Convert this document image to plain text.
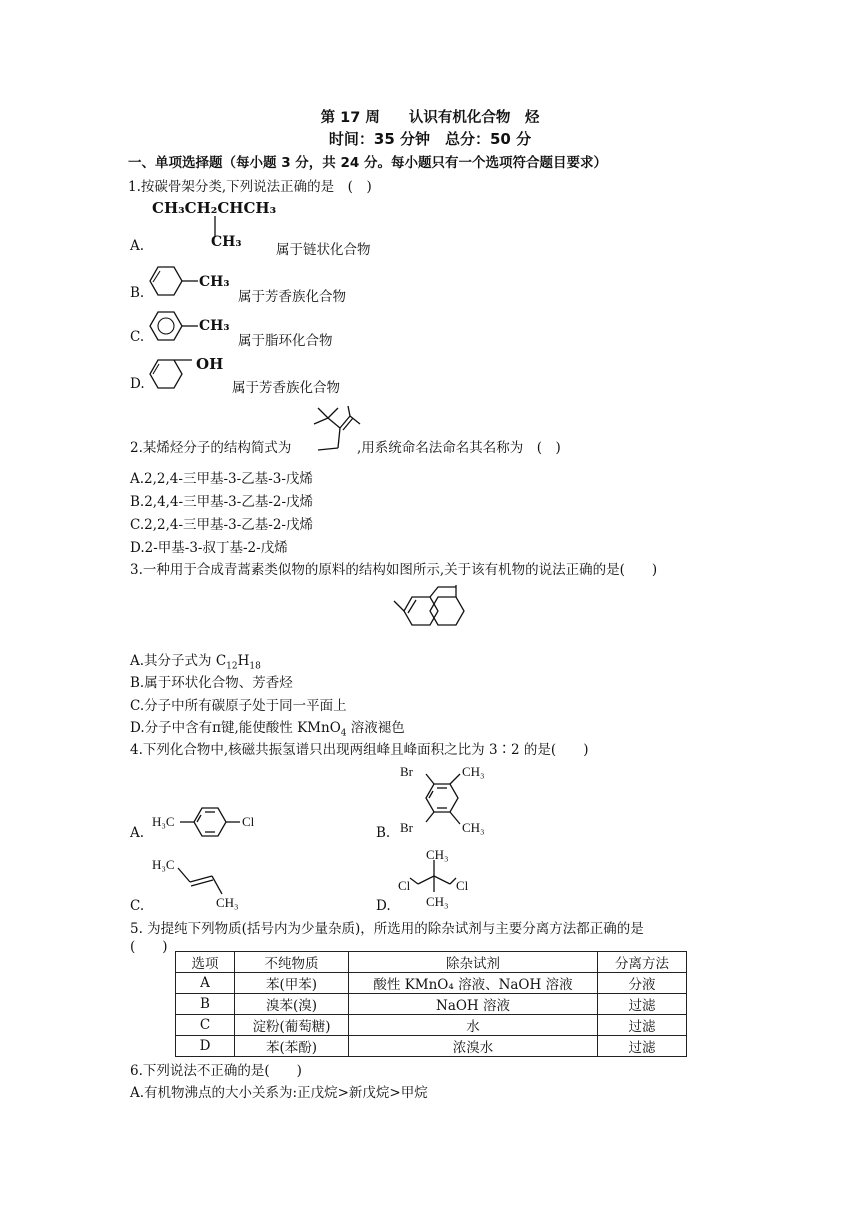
第 17 周　　认识有机化合物　烃
时间：35 分钟　总分：50 分
一、单项选择题（每小题 3 分，共 24 分。每小题只有一个选项符合题目要求）
1.按碳骨架分类,下列说法正确的是　(　)
CH₃CH₂CHCH₃
CH₃
A.	属于链状化合物
B.
CH₃
属于芳香族化合物
C.
CH₃
属于脂环化合物
D.
OH
属于芳香族化合物
2.某烯烃分子的结构简式为	,用系统命名法命名其名称为　(　)
A.2,2,4-三甲基-3-乙基-3-戊烯
B.2,4,4-三甲基-3-乙基-2-戊烯
C.2,2,4-三甲基-3-乙基-2-戊烯
D.2-甲基-3-叔丁基-2-戊烯
3.一种用于合成青蒿素类似物的原料的结构如图所示,关于该有机物的说法正确的是(　　)
A.其分子式为 $C_{12}H_{18}$
B.属于环状化合物、芳香烃
C.分子中所有碳原子处于同一平面上
D.分子中含有π键,能使酸性 KMnO$_4$ 溶液褪色
4.下列化合物中,核磁共振氢谱只出现两组峰且峰面积之比为 3∶2 的是(　　)
A.
H₃C	Cl
B.
Br
Br
CH₃
CH₃
C.
H₃C
CH₃	D.
CH₃
Cl
CH₃
Cl
5. 为提纯下列物质(括号内为少量杂质)，所选用的除杂试剂与主要分离方法都正确的是
(　　)
选项	不纯物质	除杂试剂	分离方法
A	苯(甲苯)	酸性 KMnO₄ 溶液、NaOH 溶液	分液
B	溴苯(溴)	NaOH 溶液	过滤
C	淀粉(葡萄糖)	水	过滤
D	苯(苯酚)	浓溴水	过滤
6.下列说法不正确的是(　　)
A.有机物沸点的大小关系为:正戊烷>新戊烷>甲烷
